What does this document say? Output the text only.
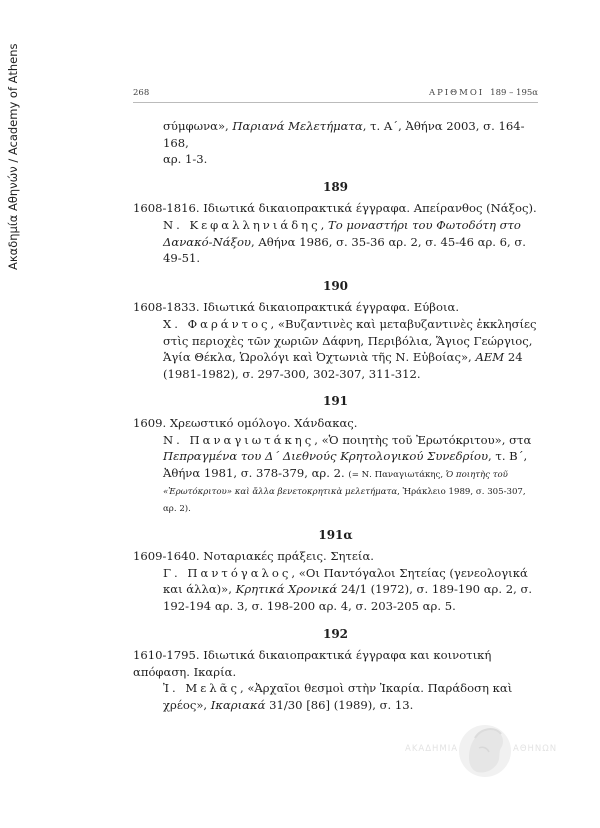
Ακαδημία Αθηνών / Academy of Athens	268	ΑΡΙΘΜΟΙ 189 – 195α

σύμφωνα», Παριανά Μελετήματα, τ. Α΄, Ἀθήνα 2003, σ. 164-168,
αρ. 1-3.

189

1608-1816. Ιδιωτικά δικαιοπρακτικά έγγραφα. Απείρανθος (Νάξος).

Ν. Κεφαλληνιάδης, Το μοναστήρι του Φωτοδότη στο Δανακό-Νάξου, Αθήνα 1986, σ. 35-36 αρ. 2, σ. 45-46 αρ. 6, σ. 49-51.

190

1608-1833. Ιδιωτικά δικαιοπρακτικά έγγραφα. Εύβοια.

Χ. Φαράντος, «Βυζαντινὲς καὶ μεταβυζαντινὲς ἐκκλησίες στὶς περιοχὲς τῶν χωριῶν Δάφνη, Περιβόλια, Ἅγιος Γεώργιος, Ἁγία Θέκλα, Ὡρολόγι καὶ Ὀχτωνιὰ τῆς Ν. Εὐβοίας», ΑΕΜ 24 (1981-1982), σ. 297-300, 302-307, 311-312.

191

1609. Χρεωστικό ομόλογο. Χάνδακας.

Ν. Παναγιωτάκης, «Ὁ ποιητὴς τοῦ Ἐρωτόκριτου», στα Πεπραγμένα του Δ΄ Διεθνούς Κρητολογικού Συνεδρίου, τ. Β΄, Ἀθήνα 1981, σ. 378-379, αρ. 2. (= Ν. Παναγιωτάκης, Ὁ ποιητὴς τοῦ «Ἐρωτόκριτου» καὶ ἄλλα βενετοκρητικὰ μελετήματα, Ἡράκλειο 1989, σ. 305-307, αρ. 2).

191α

1609-1640. Νοταριακές πράξεις. Σητεία.

Γ. Παντόγαλος, «Οι Παντόγαλοι Σητείας (γενεολογικά και άλλα)», Κρητικά Χρονικά 24/1 (1972), σ. 189-190 αρ. 2, σ. 192-194 αρ. 3, σ. 198-200 αρ. 4, σ. 203-205 αρ. 5.

192

1610-1795. Ιδιωτικά δικαιοπρακτικά έγγραφα και κοινοτική απόφαση. Ικαρία.

Ἰ. Μελᾶς, «Ἀρχαῖοι θεσμοὶ στὴν Ἰκαρία. Παράδοση καὶ χρέος», Ικαριακά 31/30 [86] (1989), σ. 13.

ΑΚΑΔΗΜΙΑ	ΑΘΗΝΩΝ
